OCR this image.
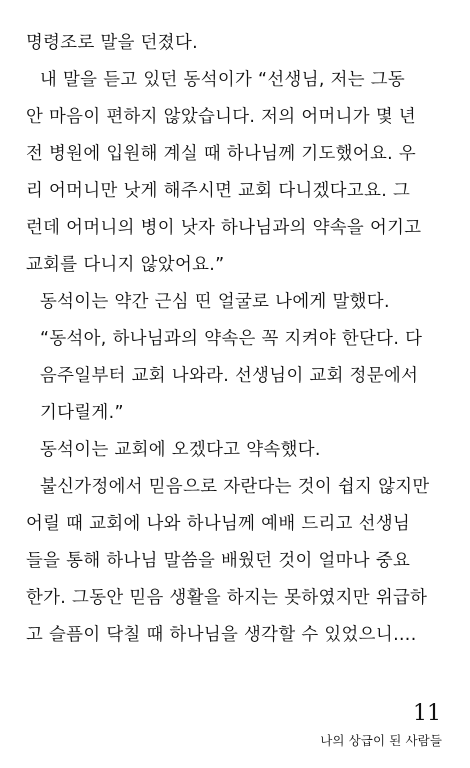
명령조로 말을 던졌다.
내 말을 듣고 있던 동석이가 “선생님, 저는 그동
안 마음이 편하지 않았습니다. 저의 어머니가 몇 년
전 병원에 입원해 계실 때 하나님께 기도했어요. 우
리 어머니만 낫게 해주시면 교회 다니겠다고요. 그
런데 어머니의 병이 낫자 하나님과의 약속을 어기고
교회를 다니지 않았어요.”
동석이는 약간 근심 띤 얼굴로 나에게 말했다.
“동석아, 하나님과의 약속은 꼭 지켜야 한단다. 다
음주일부터 교회 나와라. 선생님이 교회 정문에서
기다릴게.”
동석이는 교회에 오겠다고 약속했다.
불신가정에서 믿음으로 자란다는 것이 쉽지 않지만
어릴 때 교회에 나와 하나님께 예배 드리고 선생님
들을 통해 하나님 말씀을 배웠던 것이 얼마나 중요
한가. 그동안 믿음 생활을 하지는 못하였지만 위급하
고 슬픔이 닥칠 때 하나님을 생각할 수 있었으니….
11
나의 상급이 된 사람들
